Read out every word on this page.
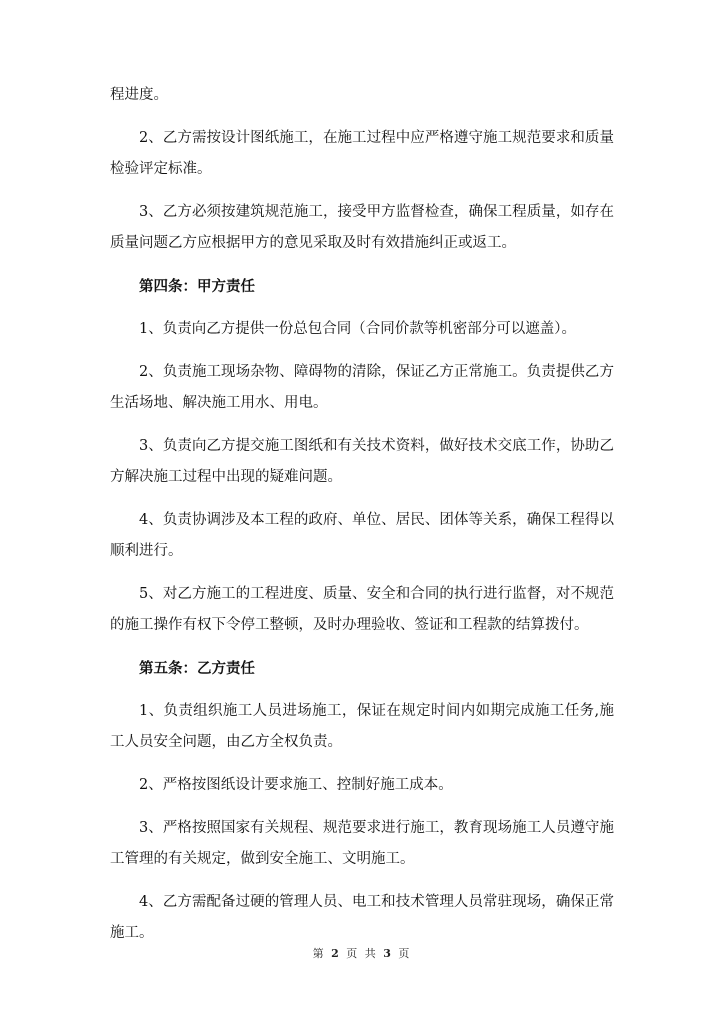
程进度。

2、乙方需按设计图纸施工，在施工过程中应严格遵守施工规范要求和质量检验评定标准。

3、乙方必须按建筑规范施工，接受甲方监督检查，确保工程质量，如存在质量问题乙方应根据甲方的意见采取及时有效措施纠正或返工。

第四条：甲方责任

1、负责向乙方提供一份总包合同（合同价款等机密部分可以遮盖）。

2、负责施工现场杂物、障碍物的清除，保证乙方正常施工。负责提供乙方生活场地、解决施工用水、用电。

3、负责向乙方提交施工图纸和有关技术资料，做好技术交底工作，协助乙方解决施工过程中出现的疑难问题。

4、负责协调涉及本工程的政府、单位、居民、团体等关系，确保工程得以顺利进行。

5、对乙方施工的工程进度、质量、安全和合同的执行进行监督，对不规范的施工操作有权下令停工整顿，及时办理验收、签证和工程款的结算拨付。

第五条：乙方责任

1、负责组织施工人员进场施工，保证在规定时间内如期完成施工任务,施工人员安全问题，由乙方全权负责。

2、严格按图纸设计要求施工、控制好施工成本。

3、严格按照国家有关规程、规范要求进行施工，教育现场施工人员遵守施工管理的有关规定，做到安全施工、文明施工。

4、乙方需配备过硬的管理人员、电工和技术管理人员常驻现场，确保正常施工。

第 2 页 共 3 页
